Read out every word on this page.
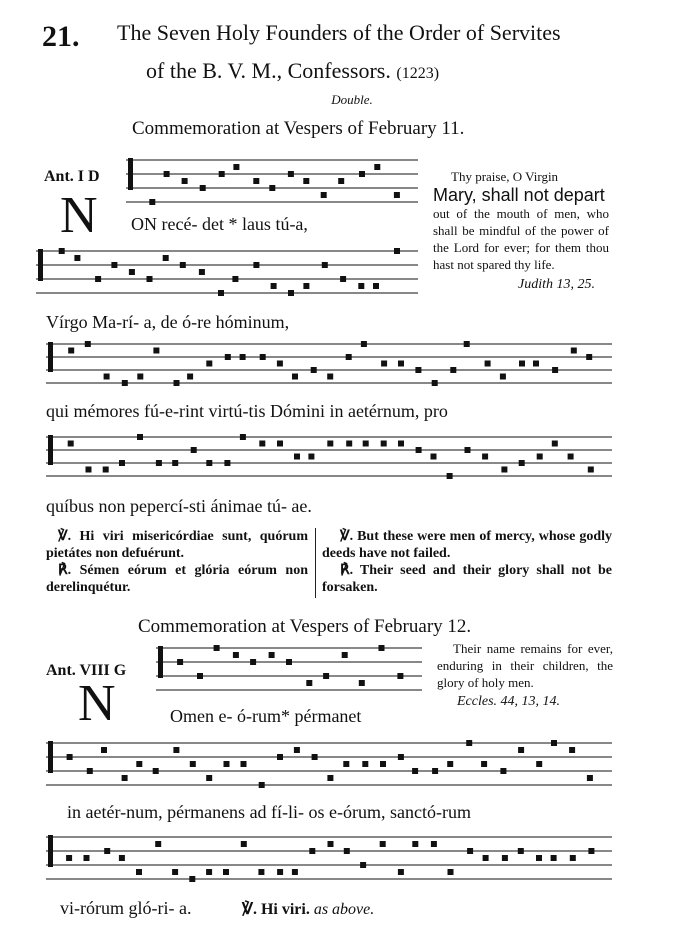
21. The Seven Holy Founders of the Order of Servites
of the B. V. M., Confessors. (1223)
Double.
Commemoration at Vespers of February 11.
Ant. I D
N ON recé- det * laus tú-a,
Vírgo Ma-rí- a, de ó-re hóminum,
qui mémores fú-e-rint virtú-tis Dómini in aetérnum, pro
quíbus non pepercí-sti ánimae tú- ae.
Thy praise, O Virgin
Mary, shall not depart
out of the mouth of men, who shall be mindful of the power of the Lord for ever; for them thou hast not spared thy life.
Judith 13, 25.
℣. Hi viri misericórdiae sunt, quórum pietátes non defuérunt.
℟. Sémen eórum et glória eórum non derelinquétur.
℣. But these were men of mercy, whose godly deeds have not failed.
℟. Their seed and their glory shall not be forsaken.
Commemoration at Vespers of February 12.
Ant. VIII G
N	Omen e- ó-rum* pérmanet
in aetér-num, pérmanens ad fí-li- os e-órum, sanctó-rum
vi-rórum gló-ri- a.	℣. Hi viri. as above.
Their name remains for ever, enduring in their children, the glory of holy men.
Eccles. 44, 13, 14.
